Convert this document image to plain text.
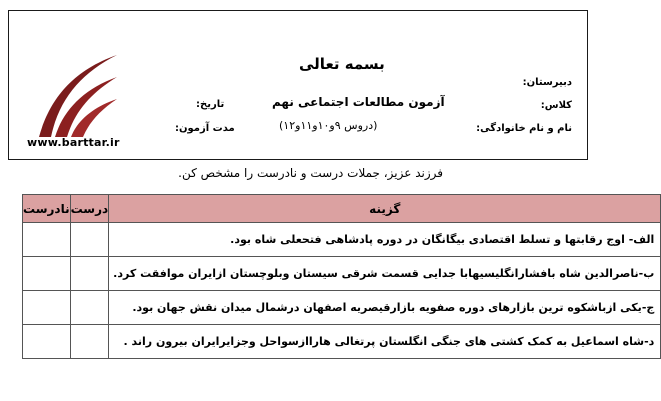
www.barttar.ir
بسمه تعالی
دبیرستان:
کلاس:
نام و نام خانوادگی:
آزمون مطالعات اجتماعی نهم
(دروس ۹و۱۰و۱۱و۱۲)
تاریخ:
مدت آزمون:
فرزند عزیز، جملات درست و نادرست را مشخص کن.
گزینه	درست	نادرست
الف- اوج رقابتها و تسلط اقتصادی بیگانگان در دوره پادشاهی فتحعلی شاه بود.		
ب-ناصرالدین شاه بافشارانگلیسیهابا جدایی قسمت شرقی سیستان وبلوچستان ازایران موافقت کرد.		
ج-یکی ازباشکوه ترین بازارهای دوره صفویه بازارقیصریه اصفهان درشمال میدان نقش جهان بود.		
د-شاه اسماعیل به کمک کشتی های جنگی انگلستان پرتغالی هاراازسواحل وجزایرایران بیرون راند .		
